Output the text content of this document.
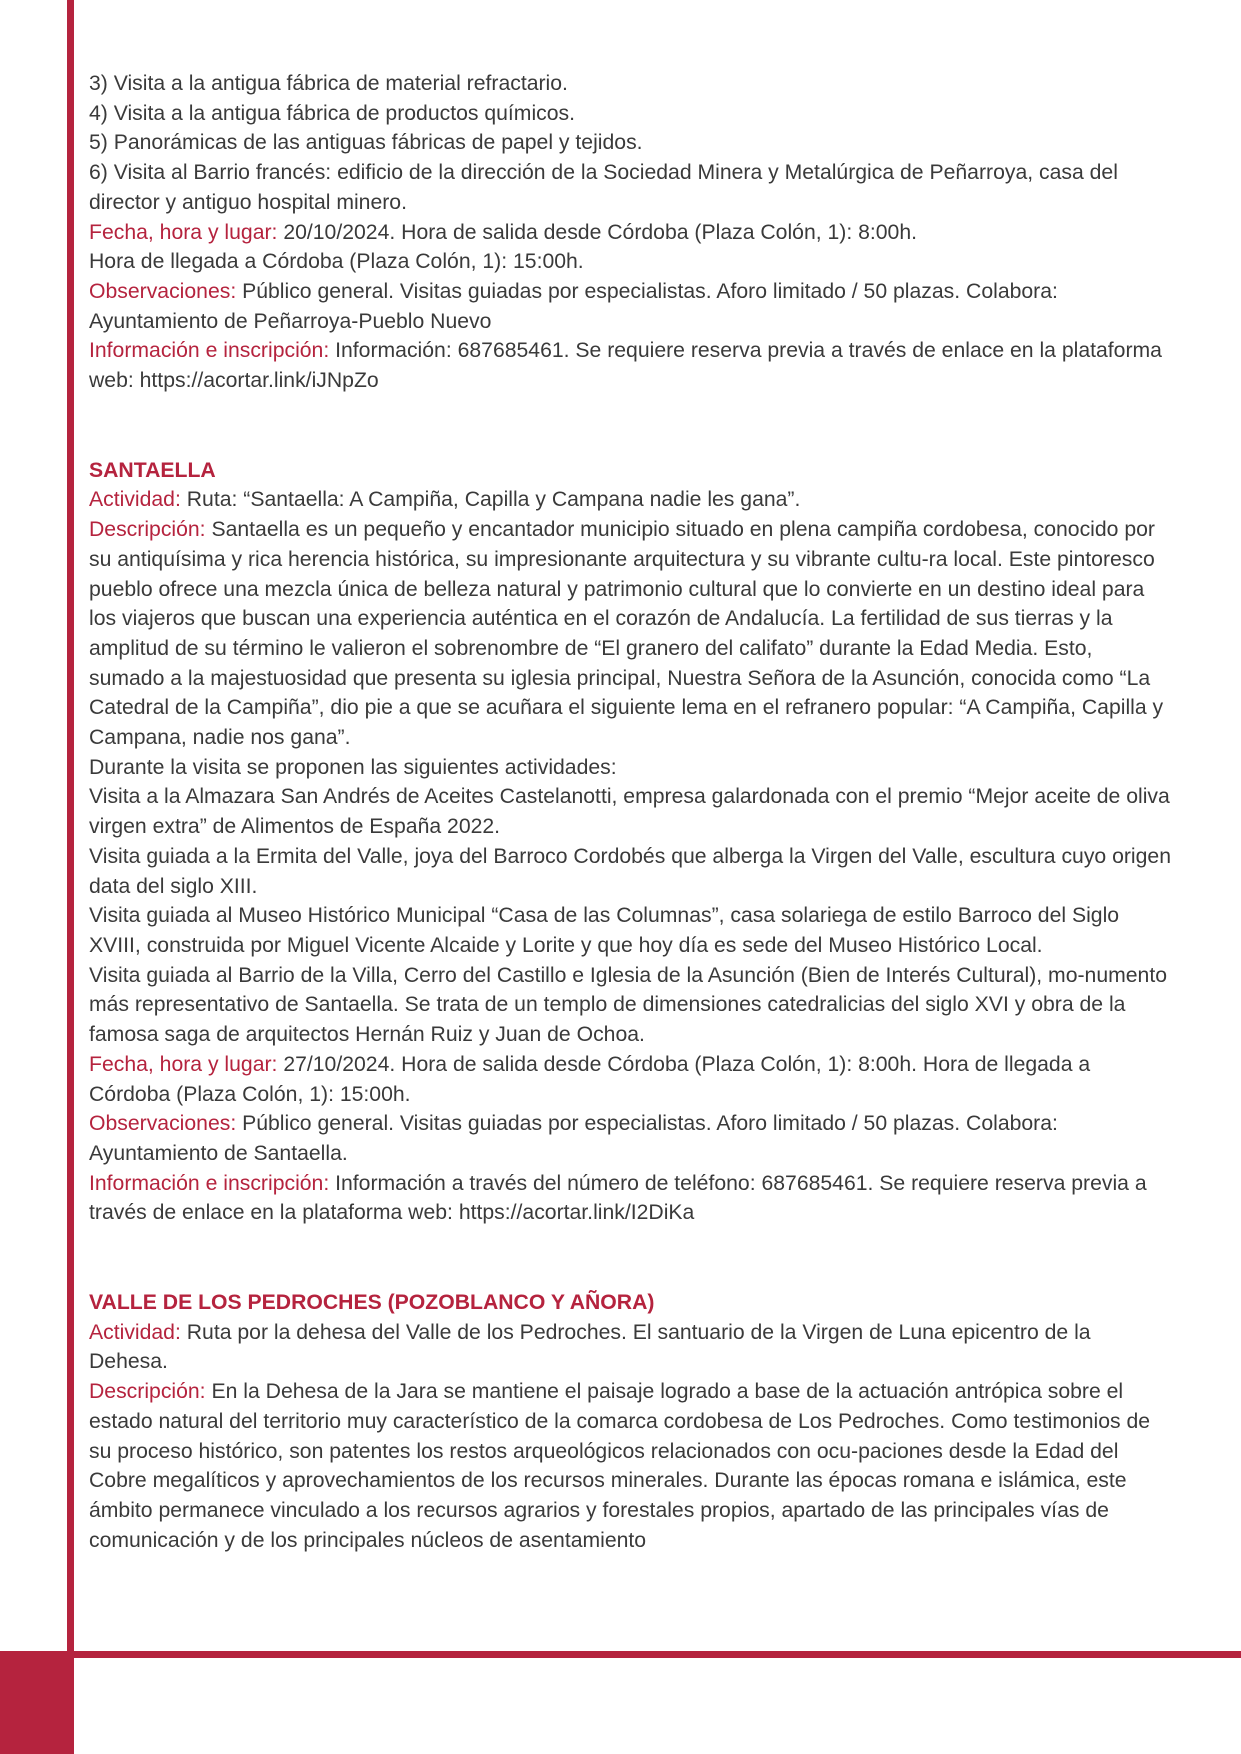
3) Visita a la antigua fábrica de material refractario.

4) Visita a la antigua fábrica de productos químicos.

5) Panorámicas de las antiguas fábricas de papel y tejidos.

6) Visita al Barrio francés: edificio de la dirección de la Sociedad Minera y Metalúrgica de Peñarroya, casa del director y antiguo hospital minero.

Fecha, hora y lugar: 20/10/2024. Hora de salida desde Córdoba (Plaza Colón, 1): 8:00h.

Hora de llegada a Córdoba (Plaza Colón, 1): 15:00h.

Observaciones: Público general. Visitas guiadas por especialistas. Aforo limitado / 50 plazas. Colabora: Ayuntamiento de Peñarroya-Pueblo Nuevo

Información e inscripción: Información: 687685461. Se requiere reserva previa a través de enlace en la plataforma web: https://acortar.link/iJNpZo

SANTAELLA

Actividad: Ruta: “Santaella: A Campiña, Capilla y Campana nadie les gana”.

Descripción: Santaella es un pequeño y encantador municipio situado en plena campiña cordobesa, conocido por su antiquísima y rica herencia histórica, su impresionante arquitectura y su vibrante cultu-ra local. Este pintoresco pueblo ofrece una mezcla única de belleza natural y patrimonio cultural que lo convierte en un destino ideal para los viajeros que buscan una experiencia auténtica en el corazón de Andalucía. La fertilidad de sus tierras y la amplitud de su término le valieron el sobrenombre de “El granero del califato” durante la Edad Media. Esto, sumado a la majestuosidad que presenta su iglesia principal, Nuestra Señora de la Asunción, conocida como “La Catedral de la Campiña”, dio pie a que se acuñara el siguiente lema en el refranero popular: “A Campiña, Capilla y Campana, nadie nos gana”.

Durante la visita se proponen las siguientes actividades:

Visita a la Almazara San Andrés de Aceites Castelanotti, empresa galardonada con el premio “Mejor aceite de oliva virgen extra” de Alimentos de España 2022.

Visita guiada a la Ermita del Valle, joya del Barroco Cordobés que alberga la Virgen del Valle, escultura cuyo origen data del siglo XIII.

Visita guiada al Museo Histórico Municipal “Casa de las Columnas”, casa solariega de estilo Barroco del Siglo XVIII, construida por Miguel Vicente Alcaide y Lorite y que hoy día es sede del Museo Histórico Local.

Visita guiada al Barrio de la Villa, Cerro del Castillo e Iglesia de la Asunción (Bien de Interés Cultural), mo-numento más representativo de Santaella. Se trata de un templo de dimensiones catedralicias del siglo XVI y obra de la famosa saga de arquitectos Hernán Ruiz y Juan de Ochoa.

Fecha, hora y lugar: 27/10/2024. Hora de salida desde Córdoba (Plaza Colón, 1): 8:00h. Hora de llegada a Córdoba (Plaza Colón, 1): 15:00h.

Observaciones: Público general. Visitas guiadas por especialistas. Aforo limitado / 50 plazas. Colabora: Ayuntamiento de Santaella.

Información e inscripción: Información a través del número de teléfono: 687685461. Se requiere reserva previa a través de enlace en la plataforma web: https://acortar.link/I2DiKa

VALLE DE LOS PEDROCHES (POZOBLANCO Y AÑORA)

Actividad: Ruta por la dehesa del Valle de los Pedroches. El santuario de la Virgen de Luna epicentro de la Dehesa.

Descripción: En la Dehesa de la Jara se mantiene el paisaje logrado a base de la actuación antrópica sobre el estado natural del territorio muy característico de la comarca cordobesa de Los Pedroches. Como testimonios de su proceso histórico, son patentes los restos arqueológicos relacionados con ocu-paciones desde la Edad del Cobre megalíticos y aprovechamientos de los recursos minerales. Durante las épocas romana e islámica, este ámbito permanece vinculado a los recursos agrarios y forestales propios, apartado de las principales vías de comunicación y de los principales núcleos de asentamiento
